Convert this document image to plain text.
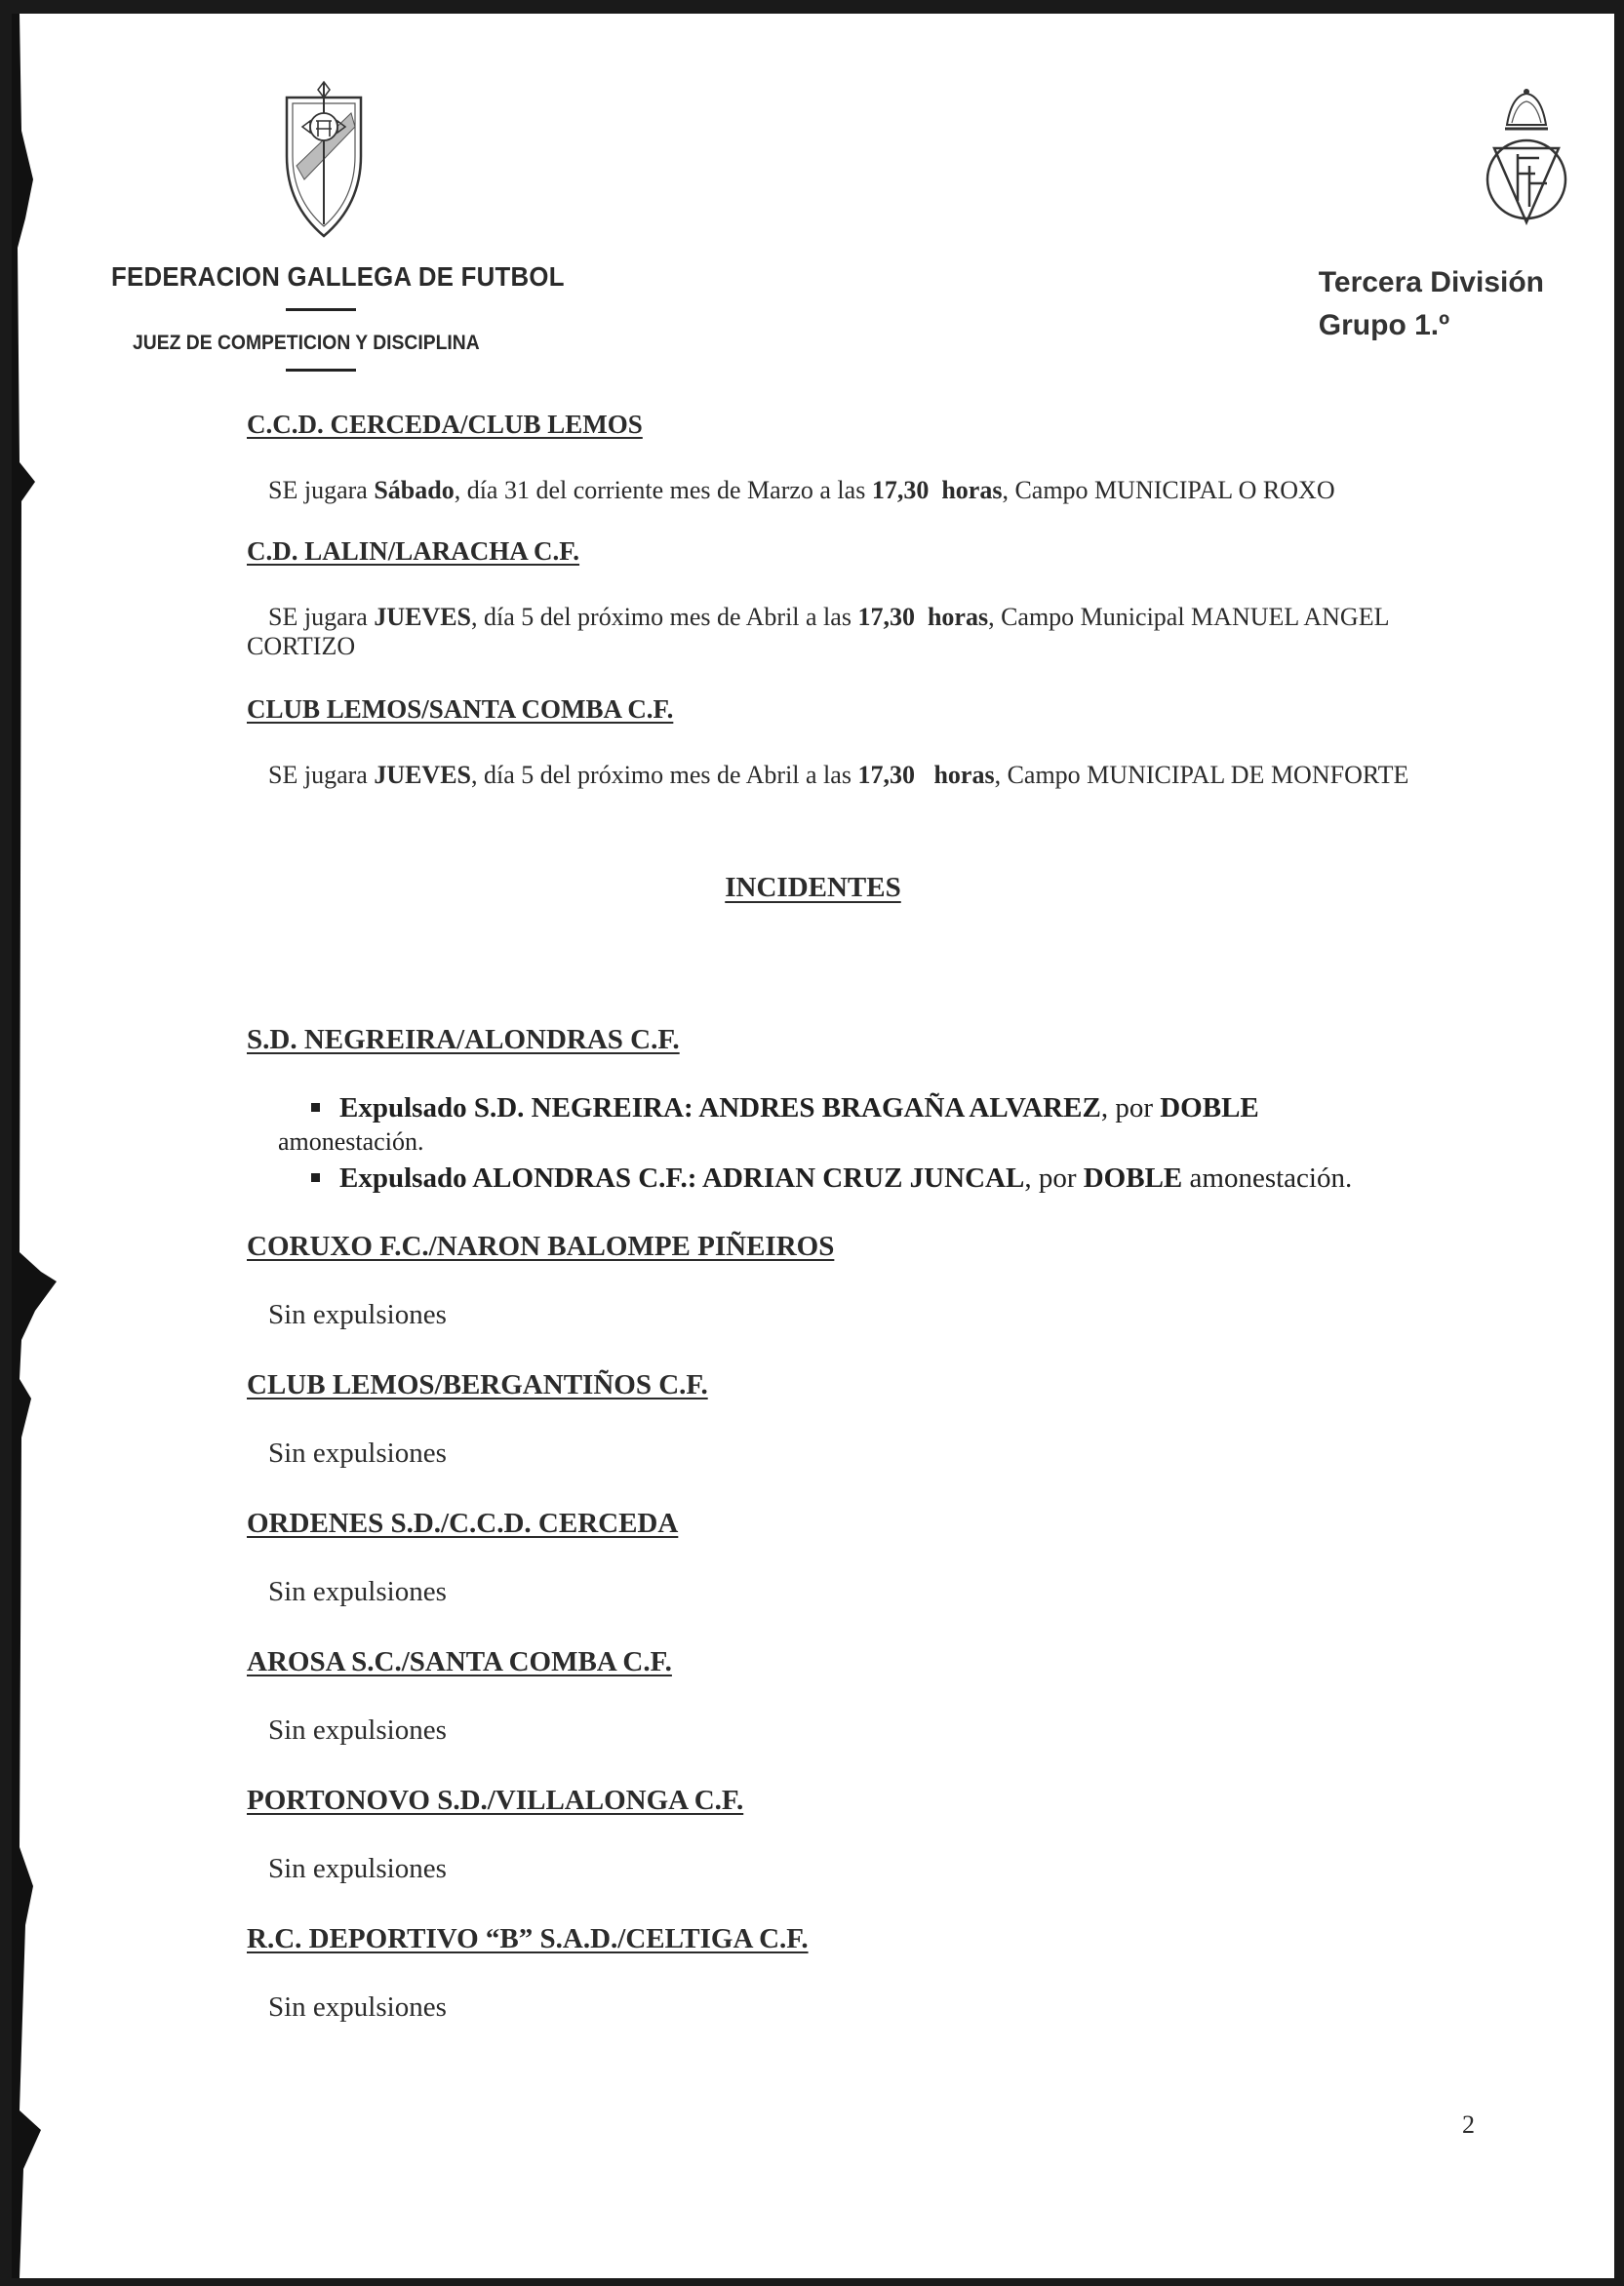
FEDERACION GALLEGA DE FUTBOL
JUEZ DE COMPETICION Y DISCIPLINA
Tercera División
Grupo 1.º
C.C.D. CERCEDA/CLUB LEMOS
SE jugara Sábado, día 31 del corriente mes de Marzo a las 17,30 horas, Campo MUNICIPAL O ROXO
C.D. LALIN/LARACHA C.F.
SE jugara JUEVES, día 5 del próximo mes de Abril a las 17,30 horas, Campo Municipal MANUEL ANGEL CORTIZO
CLUB LEMOS/SANTA COMBA C.F.
SE jugara JUEVES, día 5 del próximo mes de Abril a las 17,30 horas, Campo MUNICIPAL DE MONFORTE
INCIDENTES
S.D. NEGREIRA/ALONDRAS C.F.
Expulsado S.D. NEGREIRA: ANDRES BRAGAÑA ALVAREZ, por DOBLE
amonestación.
Expulsado ALONDRAS C.F.: ADRIAN CRUZ JUNCAL, por DOBLE amonestación.
CORUXO F.C./NARON BALOMPE PIÑEIROS
Sin expulsiones
CLUB LEMOS/BERGANTIÑOS C.F.
Sin expulsiones
ORDENES S.D./C.C.D. CERCEDA
Sin expulsiones
AROSA S.C./SANTA COMBA C.F.
Sin expulsiones
PORTONOVO S.D./VILLALONGA C.F.
Sin expulsiones
R.C. DEPORTIVO “B” S.A.D./CELTIGA C.F.
Sin expulsiones
2
